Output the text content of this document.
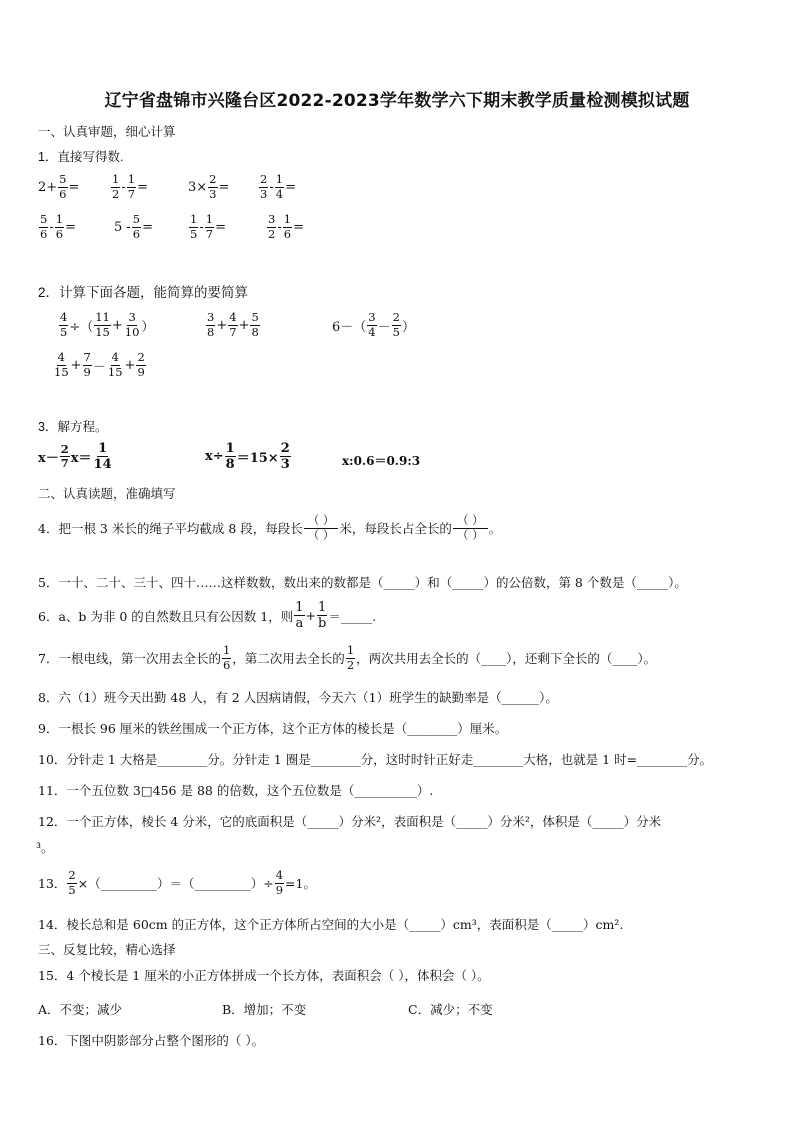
辽宁省盘锦市兴隆台区2022-2023学年数学六下期末教学质量检测模拟试题
一、认真审题，细心计算
1．直接写得数.
$2+ \frac{5}{6}$ =	$\frac{1}{2} - \frac{1}{7}$ =	$3\times \frac{2}{3}$ =	$\frac{2}{3} - \frac{1}{4}$ =
$\frac{5}{6} - \frac{1}{6}$ =	$5 - \frac{5}{6}$ =	$\frac{1}{5} - \frac{1}{7}$ =	$\frac{3}{2} - \frac{1}{6}$ =
2．计算下面各题，能简算的要简算
$\frac{4}{5}$ ÷（ $\frac{11}{15} + \frac{3}{10}$ ）	$\frac{3}{8} + \frac{4}{7} + \frac{5}{8}$	$6-( \frac{3}{4} - \frac{2}{5}$ ）
$\frac{4}{15} + \frac{7}{9} - \frac{4}{15} + \frac{2}{9}$
3．解方程。
$x- \frac{2}{7} x= \frac{1}{14}$	$x\div \frac{1}{8} =15\times \frac{2}{3}$	x:0.6＝0.9:3
二、认真读题，准确填写
4．把一根 3 米长的绳子平均截成 8 段，每段长 $\frac{( )}{( )}$ 米，每段长占全长的 $\frac{( )}{( )}$ 。
5．一十、二十、三十、四十……这样数数，数出来的数都是（_____）和（_____）的公倍数，第 8 个数是（_____）。
6．a、b 为非 0 的自然数且只有公因数 1，则 $\frac{1}{a} + \frac{1}{b}$ ＝_____.
7．一根电线，第一次用去全长的 $\frac{1}{6}$ ，第二次用去全长的 $\frac{1}{2}$ ，两次共用去全长的（____），还剩下全长的（____）。
8．六（1）班今天出勤 48 人，有 2 人因病请假，今天六（1）班学生的缺勤率是（______）。
9．一根长 96 厘米的铁丝围成一个正方体，这个正方体的棱长是（________）厘米。
10．分针走 1 大格是________分。分针走 1 圈是________分，这时时针正好走________大格，也就是 1 时=________分。
11．一个五位数 3□456 是 88 的倍数，这个五位数是（__________）.
12．一个正方体，棱长 4 分米，它的底面积是（_____）分米²，表面积是（_____）分米²，体积是（_____）分米
³。
13． $\frac{2}{5}$ ×（_________）＝（_________）÷ $\frac{4}{9} =1$。
14．棱长总和是 60cm 的正方体，这个正方体所占空间的大小是（_____）cm³，表面积是（_____）cm².
三、反复比较，精心选择
15．4 个棱长是 1 厘米的小正方体拼成一个长方体，表面积会（ ），体积会（ ）。
A．不变；减少	B．增加；不变	C．减少；不变
16．下图中阴影部分占整个图形的（ ）。
